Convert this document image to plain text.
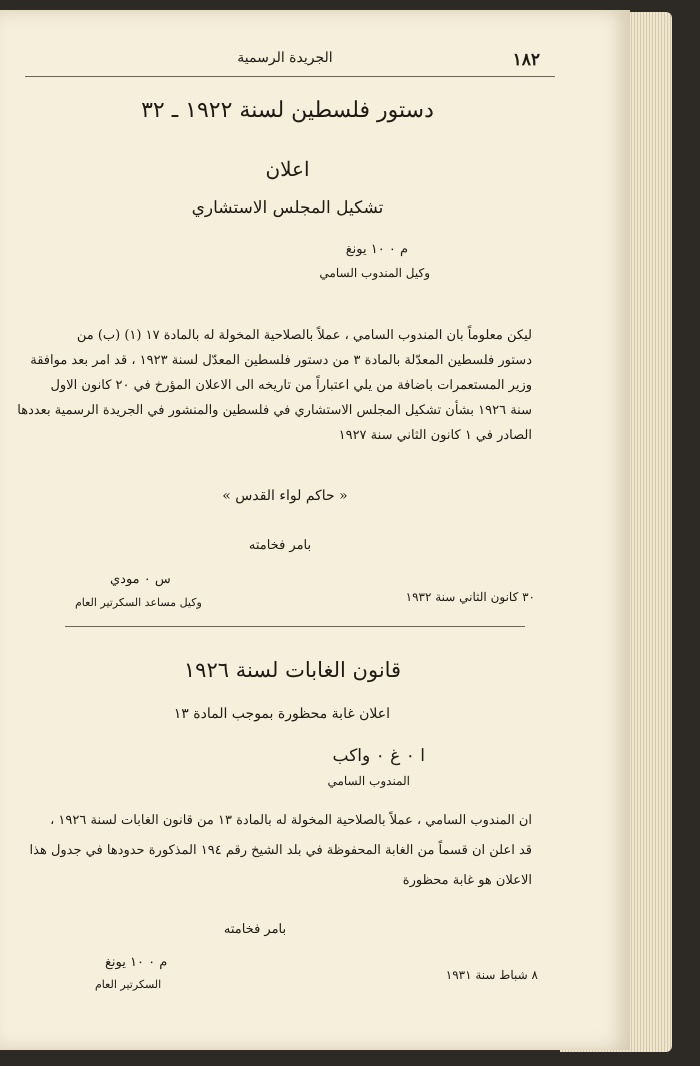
١٨٢
الجريدة الرسمية
دستور فلسطين لسنة ١٩٢٢ ـ ٣٢
اعلان
تشكيل المجلس الاستشاري
م ٠ ١٠ يونغ
وكيل المندوب السامي
ليكن معلوماً بان المندوب السامي ، عملاً بالصلاحية المخولة له بالمادة ١٧ (١) (ب) من
دستور فلسطين المعدّلة بالمادة ٣ من دستور فلسطين المعدّل لسنة ١٩٢٣ ، قد امر بعد موافقة
وزير المستعمرات باضافة من يلي اعتباراً من تاريخه الى الاعلان المؤرخ في ٢٠ كانون الاول
سنة ١٩٢٦ بشأن تشكيل المجلس الاستشاري في فلسطين والمنشور في الجريدة الرسمية بعددها
الصادر في ١ كانون الثاني سنة ١٩٢٧
« حاكم لواء القدس »
بامر فخامته
٣٠ كانون الثاني سنة ١٩٣٢
س ٠ مودي
وكيل مساعد السكرتير العام
قانون الغابات لسنة ١٩٢٦
اعلان غابة محظورة بموجب المادة ١٣
ا ٠ غ ٠ واكب
المندوب السامي
ان المندوب السامي ، عملاً بالصلاحية المخولة له بالمادة ١٣ من قانون الغابات لسنة ١٩٢٦ ،
قد اعلن ان قسماً من الغابة المحفوظة في بلد الشيخ رقم ١٩٤ المذكورة حدودها في جدول هذا
الاعلان هو غابة محظورة
بامر فخامته
٨ شباط سنة ١٩٣١
م ٠ ١٠ يونغ
السكرتير العام
